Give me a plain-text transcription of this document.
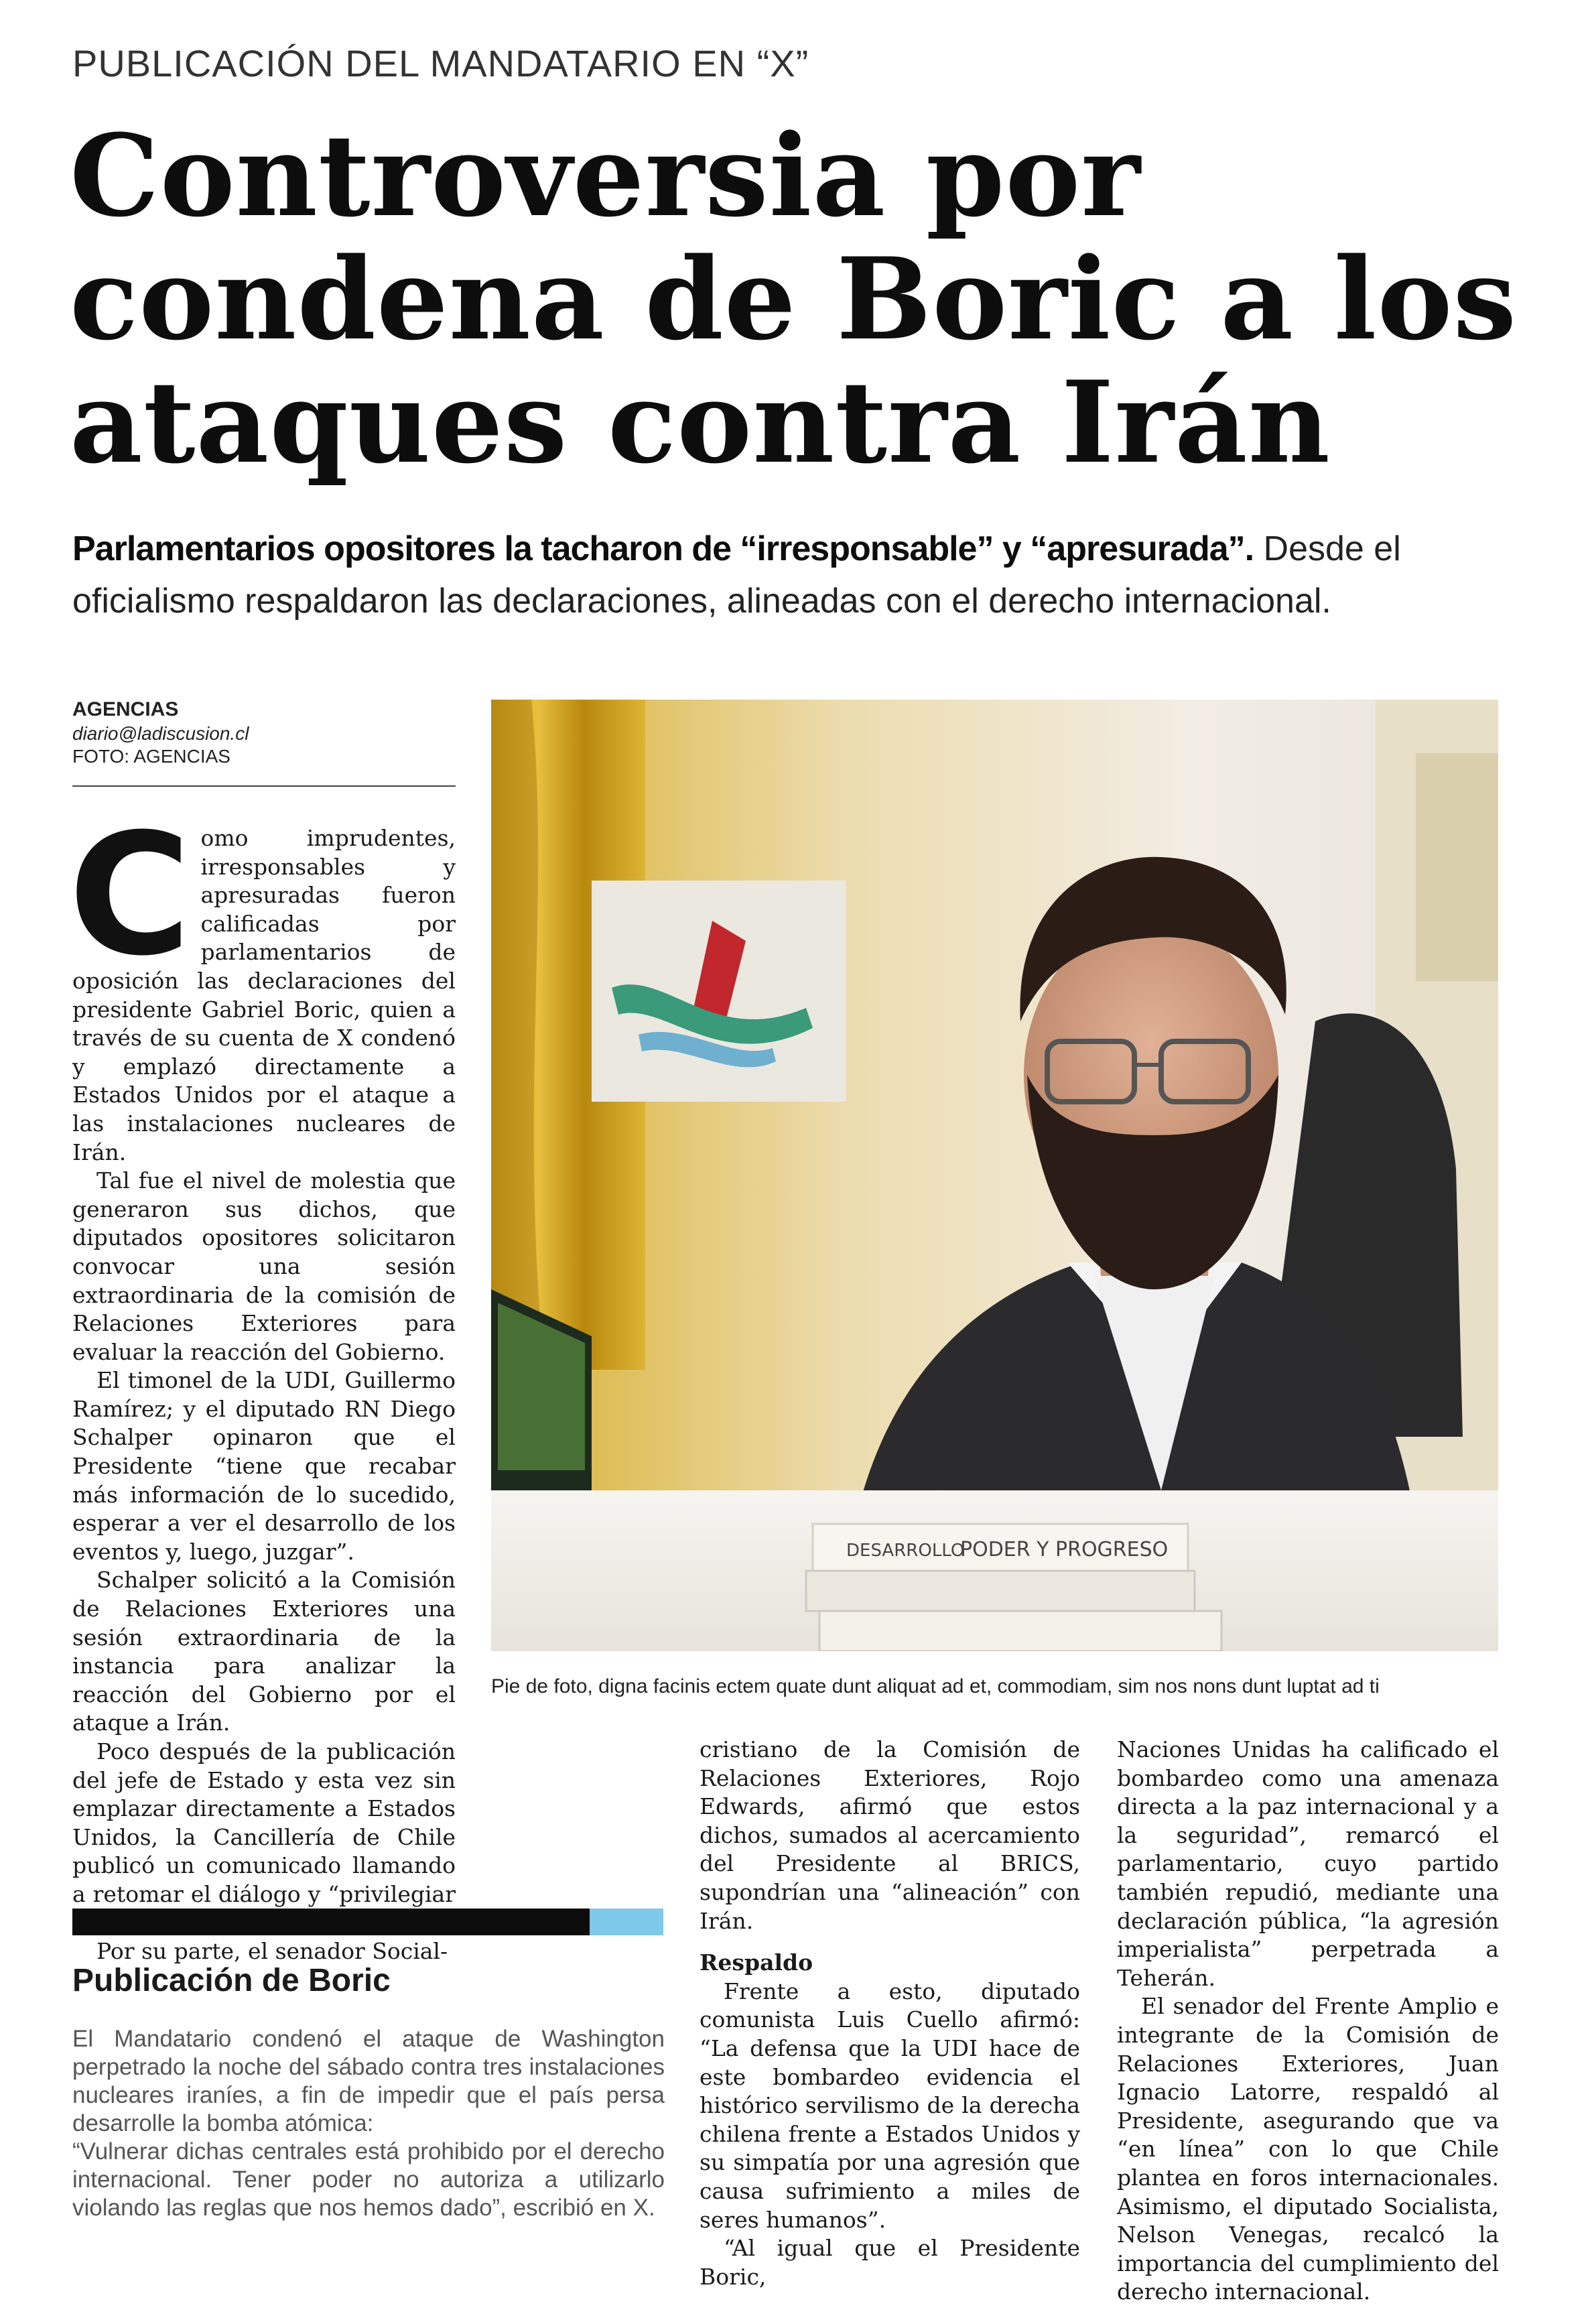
PUBLICACIÓN DEL MANDATARIO EN “X”
Controversia por
condena de Boric a los
ataques contra Irán
Parlamentarios opositores la tacharon de “irresponsable” y “apresurada”. Desde el oficialismo respaldaron las declaraciones, alineadas con el derecho internacional.
AGENCIAS
diario@ladiscusion.cl
FOTO: AGENCIAS

Como imprudentes, irresponsables y apresuradas fueron calificadas por parlamentarios de oposición las declaraciones del presidente Gabriel Boric, quien a través de su cuenta de X condenó y emplazó directamente a Estados Unidos por el ataque a las instalaciones nucleares de Irán.

Tal fue el nivel de molestia que generaron sus dichos, que diputados opositores solicitaron convocar una sesión extraordinaria de la comisión de Relaciones Exteriores para evaluar la reacción del Gobierno.

El timonel de la UDI, Guillermo Ramírez; y el diputado RN Diego Schalper opinaron que el Presidente “tiene que recabar más información de lo sucedido, esperar a ver el desarrollo de los eventos y, luego, juzgar”.

Schalper solicitó a la Comisión de Relaciones Exteriores una sesión extraordinaria de la instancia para analizar la reacción del Gobierno por el ataque a Irán.

Poco después de la publicación del jefe de Estado y esta vez sin emplazar directamente a Estados Unidos, la Cancillería de Chile publicó un comunicado llamando a retomar el diálogo y “privilegiar

Por su parte, el senador Social-

PODER Y PROGRESO
DESARROLLO
Pie de foto, digna facinis ectem quate dunt aliquat ad et, commodiam, sim nos nons dunt luptat ad ti

cristiano de la Comisión de Relaciones Exteriores, Rojo Edwards, afirmó que estos dichos, sumados al acercamiento del Presidente al BRICS, supondrían una “alineación” con Irán.

Respaldo

Frente a esto, diputado comunista Luis Cuello afirmó: “La defensa que la UDI hace de este bombardeo evidencia el histórico servilismo de la derecha chilena frente a Estados Unidos y su simpatía por una agresión que causa sufrimiento a miles de seres humanos”.

“Al igual que el Presidente Boric,

Naciones Unidas ha calificado el bombardeo como una amenaza directa a la paz internacional y a la seguridad”, remarcó el parlamentario, cuyo partido también repudió, mediante una declaración pública, “la agresión imperialista” perpetrada a Teherán.

El senador del Frente Amplio e integrante de la Comisión de Relaciones Exteriores, Juan Ignacio Latorre, respaldó al Presidente, asegurando que va “en línea” con lo que Chile plantea en foros internacionales. Asimismo, el diputado Socialista, Nelson Venegas, recalcó la importancia del cumplimiento del derecho internacional.

Publicación de Boric

El Mandatario condenó el ataque de Washington perpetrado la noche del sábado contra tres instalaciones nucleares iraníes, a fin de impedir que el país persa desarrolle la bomba atómica:

“Vulnerar dichas centrales está prohibido por el derecho internacional. Tener poder no autoriza a utilizarlo violando las reglas que nos hemos dado”, escribió en X.
